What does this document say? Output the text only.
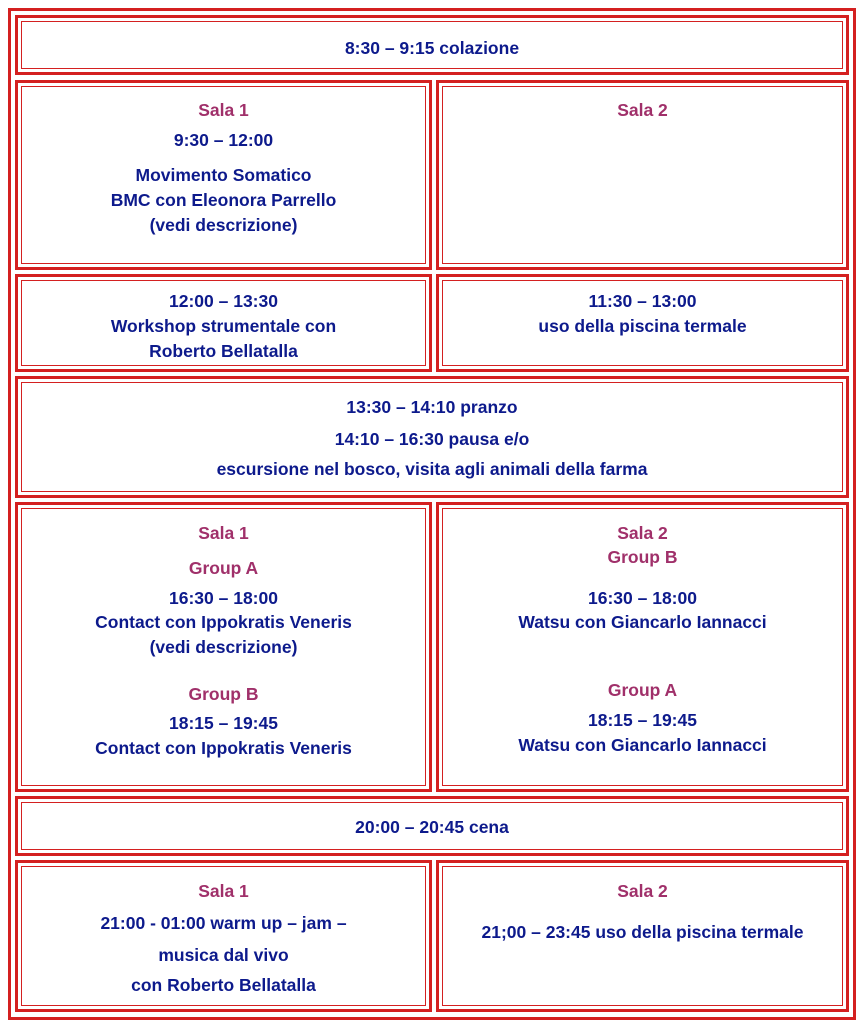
8:30 – 9:15 colazione
Sala 1
9:30 – 12:00
Movimento Somatico
BMC con Eleonora Parrello
(vedi descrizione)
Sala 2
12:00 – 13:30
Workshop strumentale con
Roberto Bellatalla
11:30 – 13:00
uso della piscina termale
13:30 – 14:10 pranzo
14:10 – 16:30 pausa e/o
escursione nel bosco, visita agli animali della farma
Sala 1
Group A
16:30 – 18:00
Contact con Ippokratis Veneris
(vedi descrizione)
Group B
18:15 – 19:45
Contact con Ippokratis Veneris
Sala 2
Group B
16:30 – 18:00
Watsu con Giancarlo Iannacci
Group A
18:15 – 19:45
Watsu con Giancarlo Iannacci
20:00 – 20:45 cena
Sala 1
21:00 - 01:00 warm up – jam –
musica dal vivo
con Roberto Bellatalla
Sala 2
21;00 – 23:45 uso della piscina termale
